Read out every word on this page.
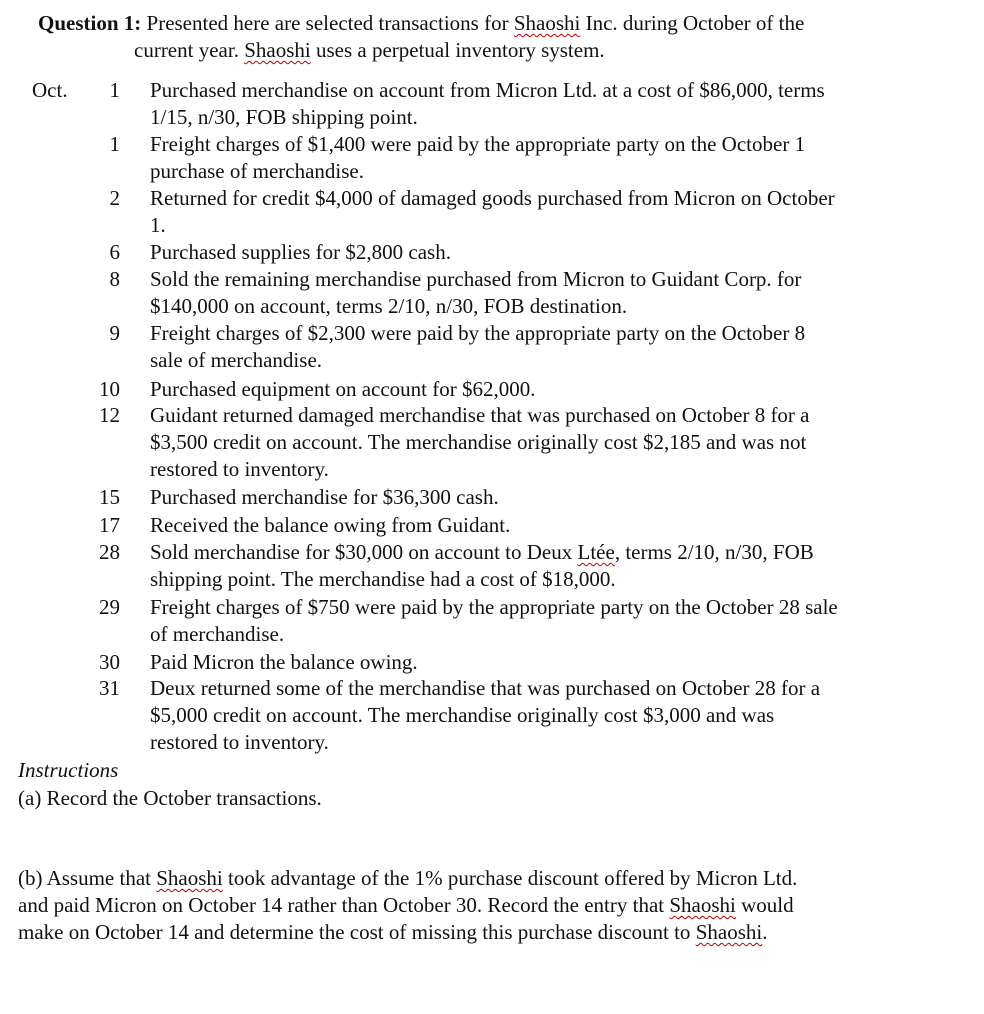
Question 1: Presented here are selected transactions for Shaoshi Inc. during October of the
current year. Shaoshi uses a perpetual inventory system.
Oct.	1 Purchased merchandise on account from Micron Ltd. at a cost of $86,000, terms
1/15, n/30, FOB shipping point.
1 Freight charges of $1,400 were paid by the appropriate party on the October 1
purchase of merchandise.
2 Returned for credit $4,000 of damaged goods purchased from Micron on October
1.
6 Purchased supplies for $2,800 cash.
8 Sold the remaining merchandise purchased from Micron to Guidant Corp. for
$140,000 on account, terms 2/10, n/30, FOB destination.
9 Freight charges of $2,300 were paid by the appropriate party on the October 8
sale of merchandise.
10 Purchased equipment on account for $62,000.
12 Guidant returned damaged merchandise that was purchased on October 8 for a
$3,500 credit on account. The merchandise originally cost $2,185 and was not
restored to inventory.
15 Purchased merchandise for $36,300 cash.
17 Received the balance owing from Guidant.
28 Sold merchandise for $30,000 on account to Deux Ltée, terms 2/10, n/30, FOB
shipping point. The merchandise had a cost of $18,000.
29 Freight charges of $750 were paid by the appropriate party on the October 28 sale
of merchandise.
30 Paid Micron the balance owing.
31 Deux returned some of the merchandise that was purchased on October 28 for a
$5,000 credit on account. The merchandise originally cost $3,000 and was
restored to inventory.
Instructions
(a) Record the October transactions.
(b) Assume that Shaoshi took advantage of the 1% purchase discount offered by Micron Ltd.
and paid Micron on October 14 rather than October 30. Record the entry that Shaoshi would
make on October 14 and determine the cost of missing this purchase discount to Shaoshi.
